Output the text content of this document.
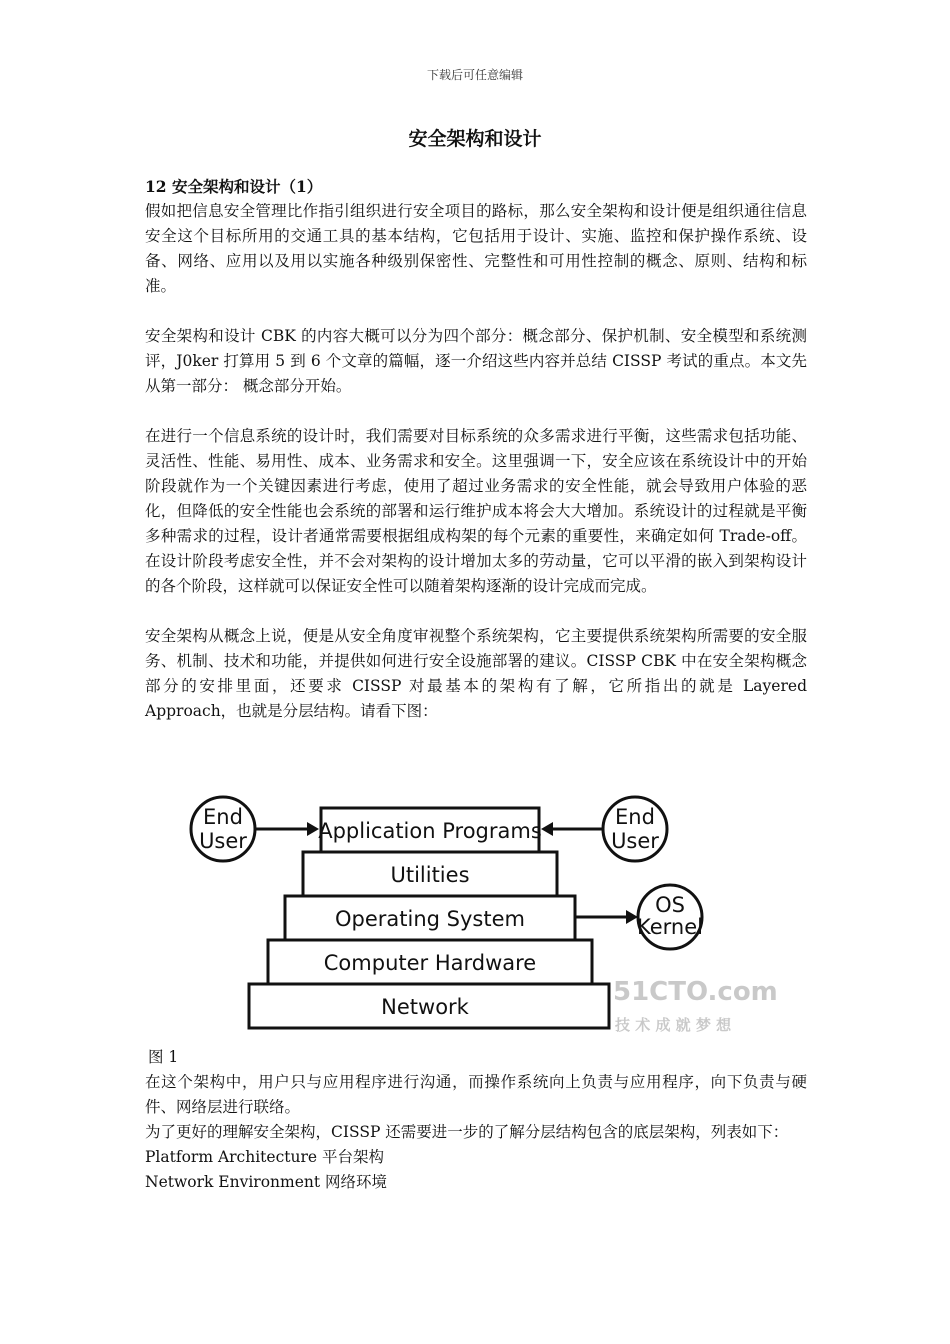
下载后可任意编辑
安全架构和设计

12 安全架构和设计（1）

假如把信息安全管理比作指引组织进行安全项目的路标，那么安全架构和设计便是组织通往信息安全这个目标所用的交通工具的基本结构，它包括用于设计、实施、监控和保护操作系统、设备、网络、应用以及用以实施各种级别保密性、完整性和可用性控制的概念、原则、结构和标准。

安全架构和设计 CBK 的内容大概可以分为四个部分：概念部分、保护机制、安全模型和系统测评，J0ker 打算用 5 到 6 个文章的篇幅，逐一介绍这些内容并总结 CISSP 考试的重点。本文先从第一部分： 概念部分开始。

在进行一个信息系统的设计时，我们需要对目标系统的众多需求进行平衡，这些需求包括功能、灵活性、性能、易用性、成本、业务需求和安全。这里强调一下，安全应该在系统设计中的开始阶段就作为一个关键因素进行考虑，使用了超过业务需求的安全性能，就会导致用户体验的恶化，但降低的安全性能也会系统的部署和运行维护成本将会大大增加。系统设计的过程就是平衡多种需求的过程，设计者通常需要根据组成构架的每个元素的重要性，来确定如何 Trade-off。在设计阶段考虑安全性，并不会对架构的设计增加太多的劳动量，它可以平滑的嵌入到架构设计的各个阶段，这样就可以保证安全性可以随着架构逐渐的设计完成而完成。

安全架构从概念上说，便是从安全角度审视整个系统架构，它主要提供系统架构所需要的安全服务、机制、技术和功能，并提供如何进行安全设施部署的建议。CISSP CBK 中在安全架构概念部分的安排里面，还要求 CISSP 对最基本的架构有了解，它所指出的就是 Layered Approach，也就是分层结构。请看下图：

Application Programs
Utilities
Operating System
Computer Hardware
Network
End
User
End
User
OS
Kernel
51CTO.com
技 术 成 就 梦 想
图 1

在这个架构中，用户只与应用程序进行沟通，而操作系统向上负责与应用程序，向下负责与硬件、网络层进行联络。

为了更好的理解安全架构，CISSP 还需要进一步的了解分层结构包含的底层架构，列表如下：

Platform Architecture 平台架构

Network Environment 网络环境
